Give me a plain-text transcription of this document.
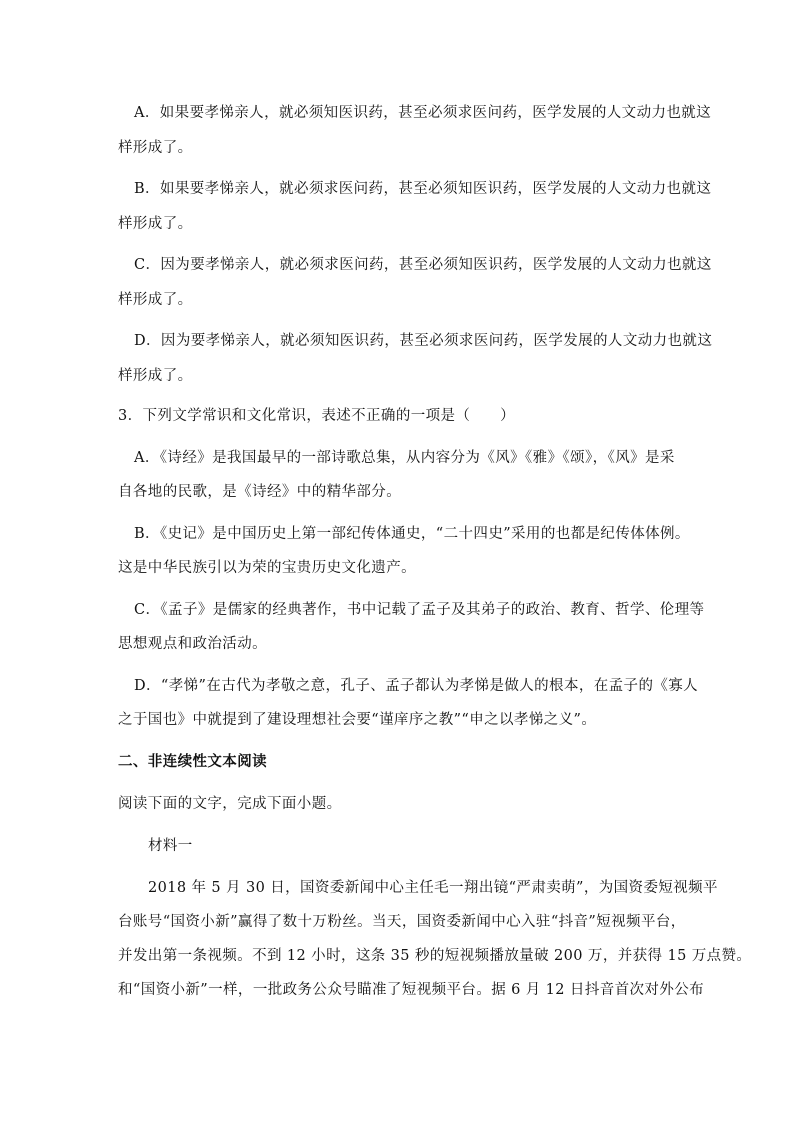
A．如果要孝悌亲人，就必须知医识药，甚至必须求医问药，医学发展的人文动力也就这
样形成了。
B．如果要孝悌亲人，就必须求医问药，甚至必须知医识药，医学发展的人文动力也就这
样形成了。
C．因为要孝悌亲人，就必须求医问药，甚至必须知医识药，医学发展的人文动力也就这
样形成了。
D．因为要孝悌亲人，就必须知医识药，甚至必须求医问药，医学发展的人文动力也就这
样形成了。
3．下列文学常识和文化常识，表述不正确的一项是（　　）
A．《诗经》是我国最早的一部诗歌总集，从内容分为《风》《雅》《颂》，《风》是采
自各地的民歌，是《诗经》中的精华部分。
B．《史记》是中国历史上第一部纪传体通史，“二十四史”采用的也都是纪传体体例。
这是中华民族引以为荣的宝贵历史文化遗产。
C．《孟子》是儒家的经典著作，书中记载了孟子及其弟子的政治、教育、哲学、伦理等
思想观点和政治活动。
D．“孝悌”在古代为孝敬之意，孔子、孟子都认为孝悌是做人的根本，在孟子的《寡人
之于国也》中就提到了建设理想社会要“谨庠序之教”“申之以孝悌之义”。
二、非连续性文本阅读
阅读下面的文字，完成下面小题。
材料一
2018 年 5 月 30 日，国资委新闻中心主任毛一翔出镜“严肃卖萌”，为国资委短视频平
台账号“国资小新”赢得了数十万粉丝。当天，国资委新闻中心入驻“抖音”短视频平台，
并发出第一条视频。不到 12 小时，这条 35 秒的短视频播放量破 200 万，并获得 15 万点赞。
和“国资小新”一样，一批政务公众号瞄准了短视频平台。据 6 月 12 日抖音首次对外公布
